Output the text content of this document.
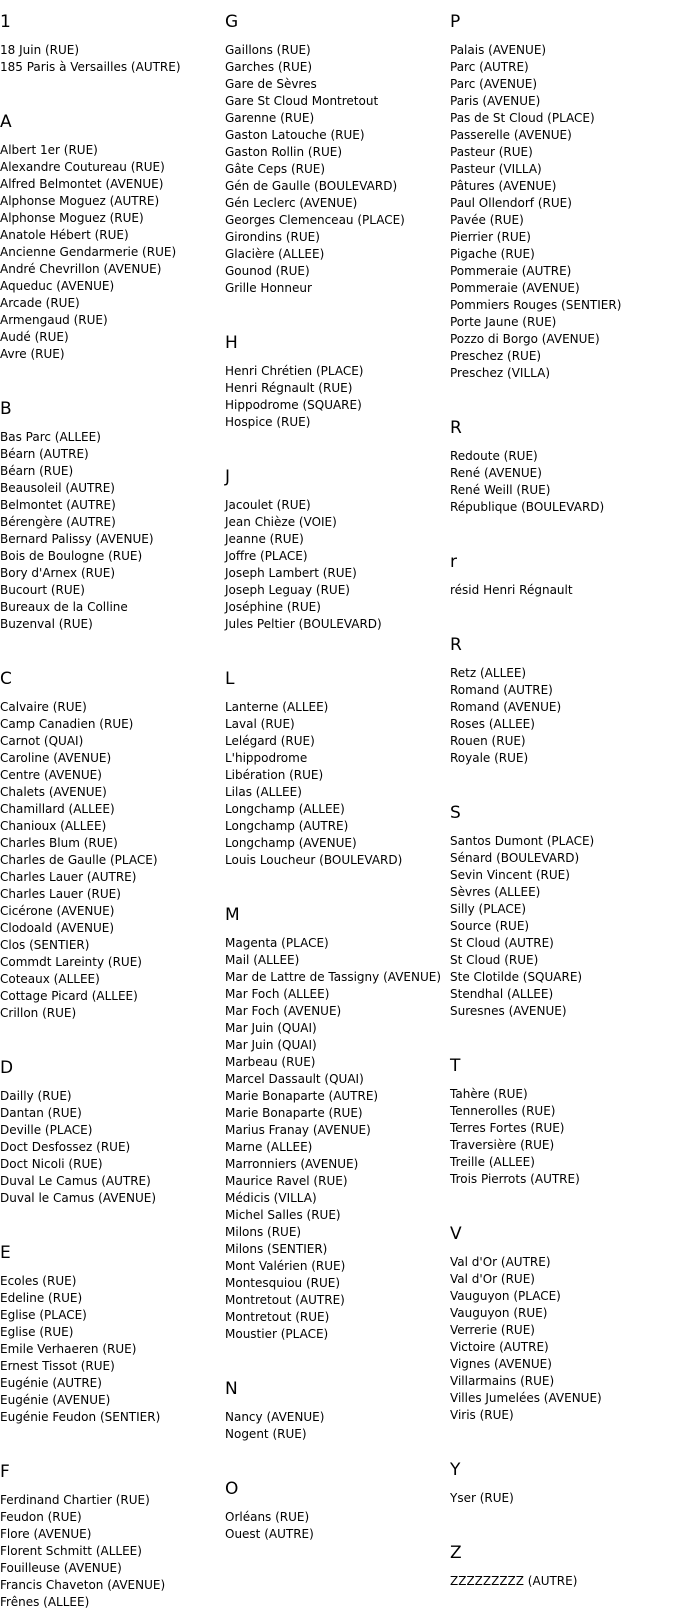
1
18 Juin (RUE)
185 Paris à Versailles (AUTRE)
A
Albert 1er (RUE)
Alexandre Coutureau (RUE)
Alfred Belmontet (AVENUE)
Alphonse Moguez (AUTRE)
Alphonse Moguez (RUE)
Anatole Hébert (RUE)
Ancienne Gendarmerie (RUE)
André Chevrillon (AVENUE)
Aqueduc (AVENUE)
Arcade (RUE)
Armengaud (RUE)
Audé (RUE)
Avre (RUE)
B
Bas Parc (ALLEE)
Béarn (AUTRE)
Béarn (RUE)
Beausoleil (AUTRE)
Belmontet (AUTRE)
Bérengère (AUTRE)
Bernard Palissy (AVENUE)
Bois de Boulogne (RUE)
Bory d'Arnex (RUE)
Bucourt (RUE)
Bureaux de la Colline
Buzenval (RUE)
C
Calvaire (RUE)
Camp Canadien (RUE)
Carnot (QUAI)
Caroline (AVENUE)
Centre (AVENUE)
Chalets (AVENUE)
Chamillard (ALLEE)
Chanioux (ALLEE)
Charles Blum (RUE)
Charles de Gaulle (PLACE)
Charles Lauer (AUTRE)
Charles Lauer (RUE)
Cicérone (AVENUE)
Clodoald (AVENUE)
Clos (SENTIER)
Commdt Lareinty (RUE)
Coteaux (ALLEE)
Cottage Picard (ALLEE)
Crillon (RUE)
D
Dailly (RUE)
Dantan (RUE)
Deville (PLACE)
Doct Desfossez (RUE)
Doct Nicoli (RUE)
Duval Le Camus (AUTRE)
Duval le Camus (AVENUE)
E
Ecoles (RUE)
Edeline (RUE)
Eglise (PLACE)
Eglise (RUE)
Emile Verhaeren (RUE)
Ernest Tissot (RUE)
Eugénie (AUTRE)
Eugénie (AVENUE)
Eugénie Feudon (SENTIER)
F
Ferdinand Chartier (RUE)
Feudon (RUE)
Flore (AVENUE)
Florent Schmitt (ALLEE)
Fouilleuse (AVENUE)
Francis Chaveton (AVENUE)
Frênes (ALLEE)
G
Gaillons (RUE)
Garches (RUE)
Gare de Sèvres
Gare St Cloud Montretout
Garenne (RUE)
Gaston Latouche (RUE)
Gaston Rollin (RUE)
Gâte Ceps (RUE)
Gén de Gaulle (BOULEVARD)
Gén Leclerc (AVENUE)
Georges Clemenceau (PLACE)
Girondins (RUE)
Glacière (ALLEE)
Gounod (RUE)
Grille Honneur
H
Henri Chrétien (PLACE)
Henri Régnault (RUE)
Hippodrome (SQUARE)
Hospice (RUE)
J
Jacoulet (RUE)
Jean Chièze (VOIE)
Jeanne (RUE)
Joffre (PLACE)
Joseph Lambert (RUE)
Joseph Leguay (RUE)
Joséphine (RUE)
Jules Peltier (BOULEVARD)
L
Lanterne (ALLEE)
Laval (RUE)
Lelégard (RUE)
L'hippodrome
Libération (RUE)
Lilas (ALLEE)
Longchamp (ALLEE)
Longchamp (AUTRE)
Longchamp (AVENUE)
Louis Loucheur (BOULEVARD)
M
Magenta (PLACE)
Mail (ALLEE)
Mar de Lattre de Tassigny (AVENUE)
Mar Foch (ALLEE)
Mar Foch (AVENUE)
Mar Juin (QUAI)
Mar Juin (QUAI)
Marbeau (RUE)
Marcel Dassault (QUAI)
Marie Bonaparte (AUTRE)
Marie Bonaparte (RUE)
Marius Franay (AVENUE)
Marne (ALLEE)
Marronniers (AVENUE)
Maurice Ravel (RUE)
Médicis (VILLA)
Michel Salles (RUE)
Milons (RUE)
Milons (SENTIER)
Mont Valérien (RUE)
Montesquiou (RUE)
Montretout (AUTRE)
Montretout (RUE)
Moustier (PLACE)
N
Nancy (AVENUE)
Nogent (RUE)
O
Orléans (RUE)
Ouest (AUTRE)
P
Palais (AVENUE)
Parc (AUTRE)
Parc (AVENUE)
Paris (AVENUE)
Pas de St Cloud (PLACE)
Passerelle (AVENUE)
Pasteur (RUE)
Pasteur (VILLA)
Pâtures (AVENUE)
Paul Ollendorf (RUE)
Pavée (RUE)
Pierrier (RUE)
Pigache (RUE)
Pommeraie (AUTRE)
Pommeraie (AVENUE)
Pommiers Rouges (SENTIER)
Porte Jaune (RUE)
Pozzo di Borgo (AVENUE)
Preschez (RUE)
Preschez (VILLA)
R
Redoute (RUE)
René (AVENUE)
René Weill (RUE)
République (BOULEVARD)
r
résid Henri Régnault
R
Retz (ALLEE)
Romand (AUTRE)
Romand (AVENUE)
Roses (ALLEE)
Rouen (RUE)
Royale (RUE)
S
Santos Dumont (PLACE)
Sénard (BOULEVARD)
Sevin Vincent (RUE)
Sèvres (ALLEE)
Silly (PLACE)
Source (RUE)
St Cloud (AUTRE)
St Cloud (RUE)
Ste Clotilde (SQUARE)
Stendhal (ALLEE)
Suresnes (AVENUE)
T
Tahère (RUE)
Tennerolles (RUE)
Terres Fortes (RUE)
Traversière (RUE)
Treille (ALLEE)
Trois Pierrots (AUTRE)
V
Val d'Or (AUTRE)
Val d'Or (RUE)
Vauguyon (PLACE)
Vauguyon (RUE)
Verrerie (RUE)
Victoire (AUTRE)
Vignes (AVENUE)
Villarmains (RUE)
Villes Jumelées (AVENUE)
Viris (RUE)
Y
Yser (RUE)
Z
ZZZZZZZZZ (AUTRE)
